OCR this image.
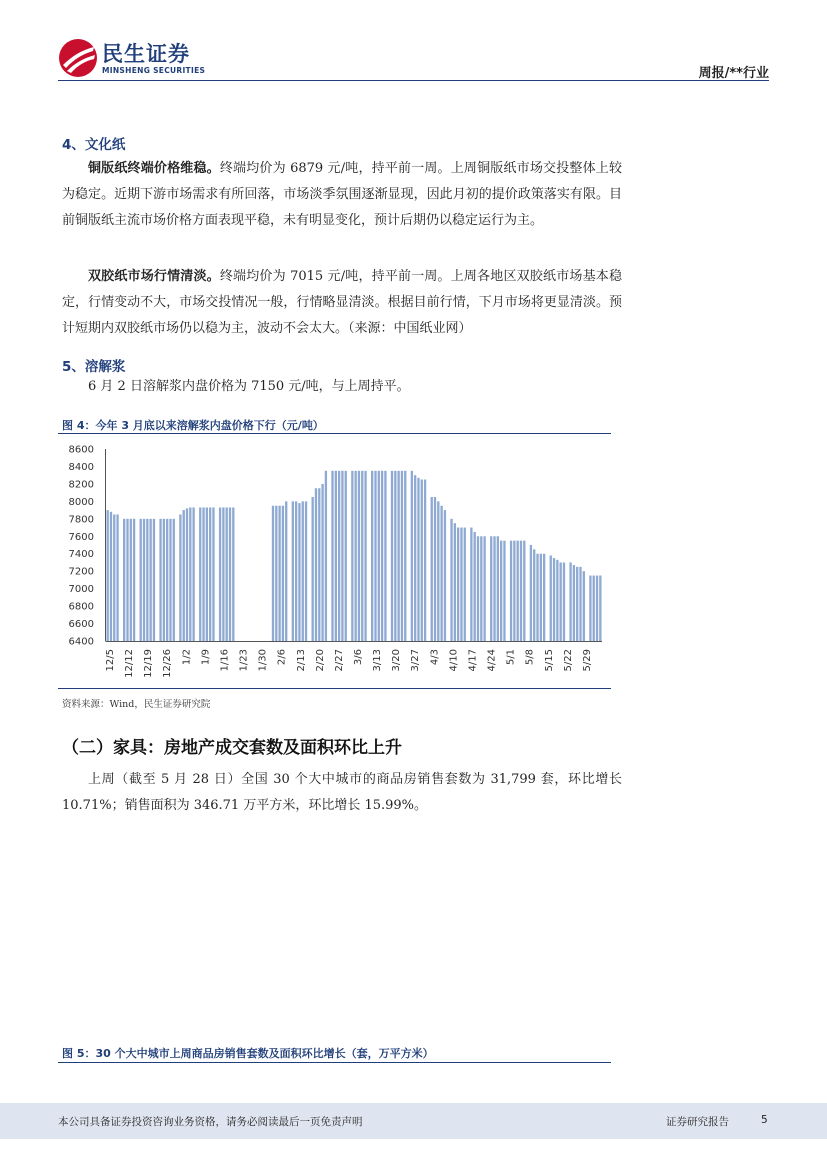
民生证券
MINSHENG SECURITIES	周报/**行业
4、文化纸

铜版纸终端价格维稳。终端均价为 6879 元/吨，持平前一周。上周铜版纸市场交投整体上较为稳定。近期下游市场需求有所回落，市场淡季氛围逐渐显现，因此月初的提价政策落实有限。目前铜版纸主流市场价格方面表现平稳，未有明显变化，预计后期仍以稳定运行为主。

双胶纸市场行情清淡。终端均价为 7015 元/吨，持平前一周。上周各地区双胶纸市场基本稳定，行情变动不大，市场交投情况一般，行情略显清淡。根据目前行情，下月市场将更显清淡。预计短期内双胶纸市场仍以稳为主，波动不会太大。（来源：中国纸业网）

5、溶解浆

6 月 2 日溶解浆内盘价格为 7150 元/吨，与上周持平。

图 4：今年 3 月底以来溶解浆内盘价格下行（元/吨）
6400
6600
6800
7000
7200
7400
7600
7800
8000
8200
8400
8600
12/5 12/12 12/19 12/26 1/2 1/9 1/16 1/23 1/30 2/6 2/13 2/20 2/27 3/6 3/13 3/20 3/27 4/3 4/10 4/17 4/24 5/1 5/8 5/15 5/22 5/29
资料来源：Wind，民生证券研究院
（二）家具：房地产成交套数及面积环比上升

上周（截至 5 月 28 日）全国 30 个大中城市的商品房销售套数为 31,799 套，环比增长 10.71%；销售面积为 346.71 万平方米，环比增长 15.99%。

图 5：30 个大中城市上周商品房销售套数及面积环比增长（套，万平方米）
本公司具备证券投资咨询业务资格，请务必阅读最后一页免责声明	证券研究报告	5
